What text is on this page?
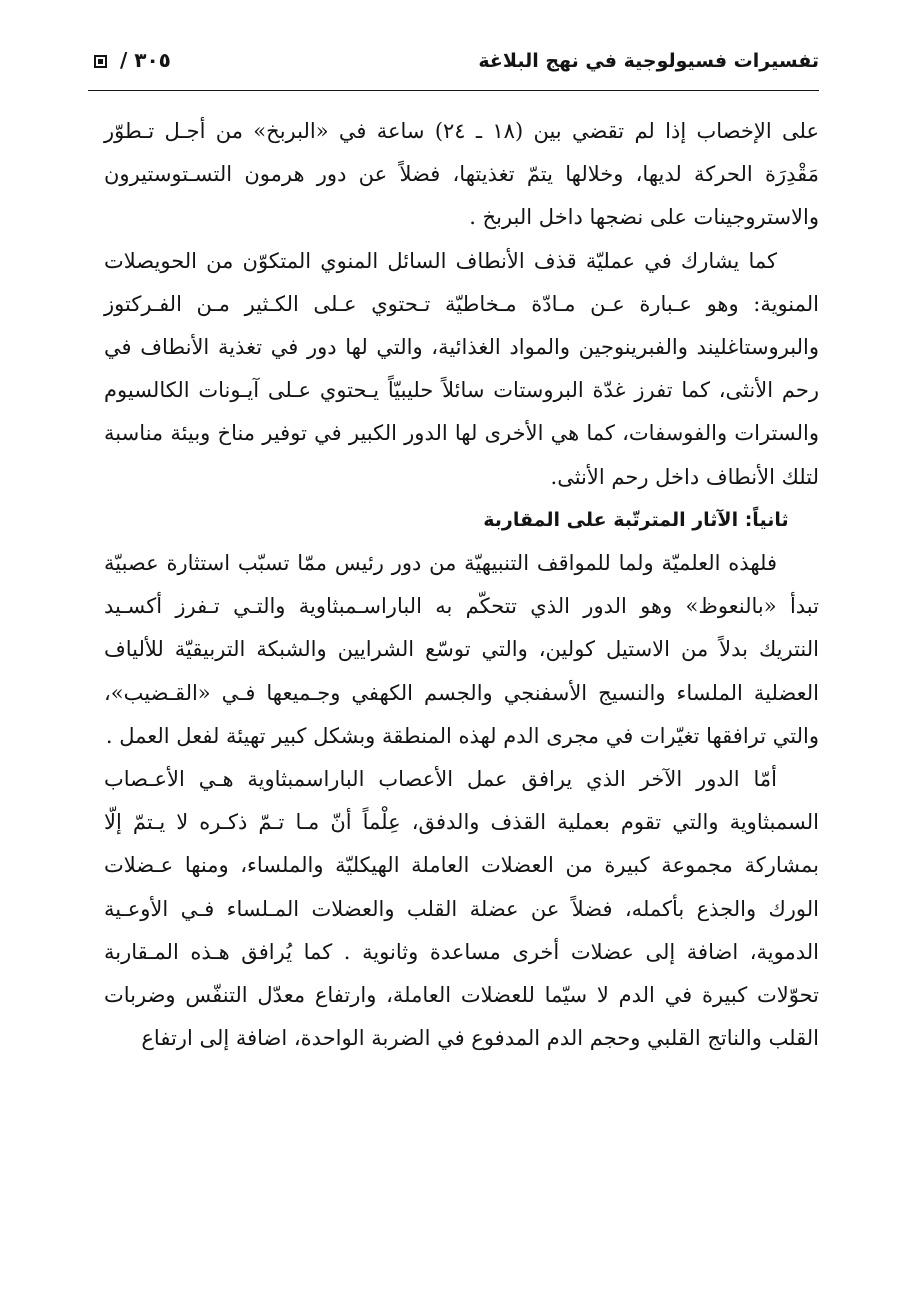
تفسيرات فسيولوجية في نهج البلاغة
٣٠٥ /

على الإخصاب إذا لم تقضي بين (١٨ ـ ٢٤) ساعة في «البربخ» من أجـل تـطوّر مَقْدِرَة الحركة لديها، وخلالها يتمّ تغذيتها، فضلاً عن دور هرمون التسـتوستيرون والاستروجينات على نضجها داخل البربخ .

كما يشارك في عمليّة قذف الأنطاف السائل المنوي المتكوّن من الحويصلات المنوية: وهو عـبارة عـن مـادّة مـخاطيّة تـحتوي عـلى الكـثير مـن الفـركتوز والبروستاغليند والفبرينوجين والمواد الغذائية، والتي لها دور في تغذية الأنطاف في رحم الأنثى، كما تفرز غدّة البروستات سائلاً حليبيّاً يـحتوي عـلى آيـونات الكالسيوم والسترات والفوسفات، كما هي الأخرى لها الدور الكبير في توفير مناخ وبيئة مناسبة لتلك الأنطاف داخل رحم الأنثى.

ثانياً: الآثار المترتّبة على المقاربة

فلهذه العلميّة ولما للمواقف التنبيهيّة من دور رئيس ممّا تسبّب استثارة عصبيّة تبدأ «بالنعوظ» وهو الدور الذي تتحكّم به الباراسـمبثاوية والتـي تـفرز أكسـيد النتريك بدلاً من الاستيل كولين، والتي توسّع الشرايين والشبكة التربيقيّة للألياف العضلية الملساء والنسيج الأسفنجي والجسم الكهفي وجـميعها فـي «القـضيب»، والتي ترافقها تغيّرات في مجرى الدم لهذه المنطقة وبشكل كبير تهيئة لفعل العمل .

أمّا الدور الآخر الذي يرافق عمل الأعصاب الباراسمبثاوية هـي الأعـصاب السمبثاوية والتي تقوم بعملية القذف والدفق، عِلْماً أنّ مـا تـمّ ذكـره لا يـتمّ إلّا بمشاركة مجموعة كبيرة من العضلات العاملة الهيكليّة والملساء، ومنها عـضلات الورك والجذع بأكمله، فضلاً عن عضلة القلب والعضلات المـلساء فـي الأوعـية الدموية، اضافة إلى عضلات أخرى مساعدة وثانوية . كما يُرافق هـذه المـقاربة تحوّلات كبيرة في الدم لا سيّما للعضلات العاملة، وارتفاع معدّل التنفّس وضربات القلب والناتج القلبي وحجم الدم المدفوع في الضربة الواحدة، اضافة إلى ارتفاع
